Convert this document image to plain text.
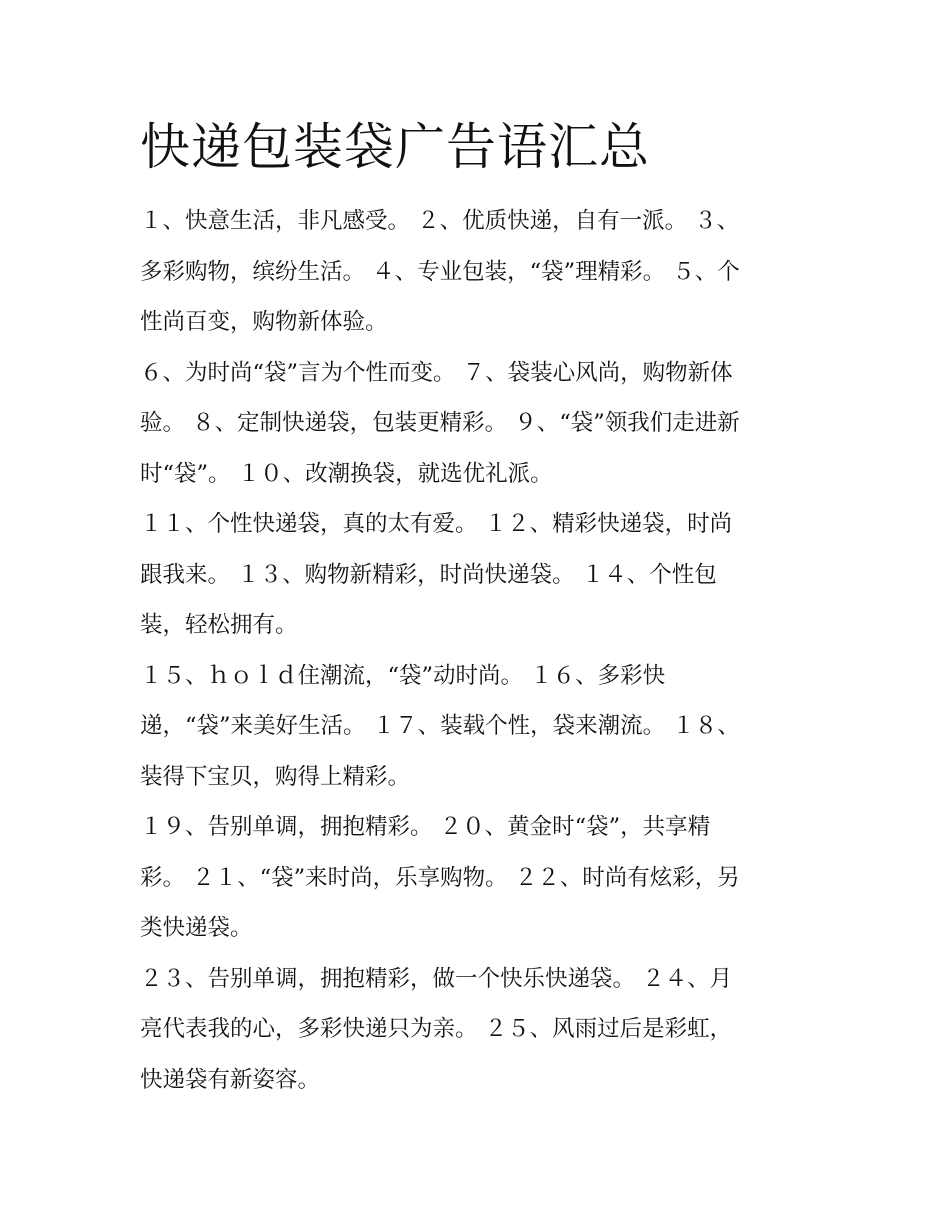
快递包装袋广告语汇总

１、快意生活，非凡感受。 ２、优质快递，自有一派。 ３、
多彩购物，缤纷生活。 ４、专业包装，“袋”理精彩。 ５、个
性尚百变，购物新体验。

６、为时尚“袋”言为个性而变。 ７、袋装心风尚，购物新体
验。 ８、定制快递袋，包装更精彩。 ９、“袋”领我们走进新
时“袋”。 １０、改潮换袋，就选优礼派。

１１、个性快递袋，真的太有爱。 １２、精彩快递袋，时尚
跟我来。 １３、购物新精彩，时尚快递袋。 １４、个性包
装，轻松拥有。

１５、ｈｏｌｄ住潮流，“袋”动时尚。 １６、多彩快
递，“袋”来美好生活。 １７、装载个性，袋来潮流。 １８、
装得下宝贝，购得上精彩。

１９、告别单调，拥抱精彩。 ２０、黄金时“袋”，共享精
彩。 ２１、“袋”来时尚，乐享购物。 ２２、时尚有炫彩，另
类快递袋。

２３、告别单调，拥抱精彩，做一个快乐快递袋。 ２４、月
亮代表我的心，多彩快递只为亲。 ２５、风雨过后是彩虹，
快递袋有新姿容。
